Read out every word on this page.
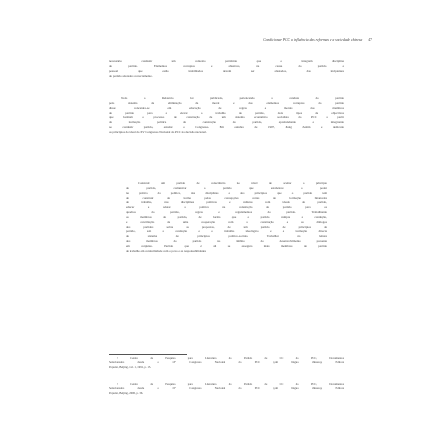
Condicionar PCC a influência das reformas e a sociedade chinesa 47
necessário conduzir um contexto partidário que o integrem disciplina
do partido. Elementos corruptos e abusivos, na causa do partido e
pessoal que estão inabilitados devem ser afastados, das incipientes
do partido adotados correctamente.
Todo o Relatório foi publicado, pertencendo a conduta do partido
pelo sistema de eliminação da moral e dos elementos corruptos do partido
disse: concentre-se em educação de regras e morais dos membros
do partido para a elevar o trabalho do partido, dois tipos de objectivos
que formam o processo de construção de um sistema económico socialista do PCC a partir
da formação política da construção do partido, aprofundando e integrando
ao conduzir partido, estudar o Congresso. Em outubro de 1997, Jiang Zemin e dedicado
os princípios do ideal do XV Congresso Nacional do PCC na decisão nacional.
Construir um partido de consciência no nível de aceitar o princípio
do partido, comunicar o partido que estabelece o poder
na prática da política, das disciplinas e dos princípios que o partido tem
de construir de forma pelas concepções certas de formação financeira
de trabalho, nas disciplinas políticas e culturas com ideais do partido,
educar e adotar a política na construção do partido para os
quadros do partido, regras e regulamentos do partido. Trabalhando
os membros do partido, de forma que o partido cumpre a condução,
e conciliação de uma cooperação com a construção e os diálogos
dos partidos sobre as propostas, de um partido de princípios de
partido, sob a condução e o trabalho ideológico e a formação directa
do sistema de princípios político-sociais. Trabalhar na leitura
dos membros do partido no âmbito do desenvolvimento presente
em conjunto. Partido que é ali se assegura mais membros de partido
de trabalho em conformidade com o povo e as responsabilidades
¹ Centro de Pesquisa para Literatura do Partido de CC do PCC, Documentos
Selecionados desde o 13º Congresso Nacional do PCC (em língua chinesa), Editora
Popular, Beijing, vol. 1, 1991, p. 15.
² Centro de Pesquisa para Literatura do Partido de CC do PCC, Documentos
Selecionados desde o 15º Congresso Nacional do PCC (em língua chinesa), Editora
Popular, Beijing, 2000, p. 36.
